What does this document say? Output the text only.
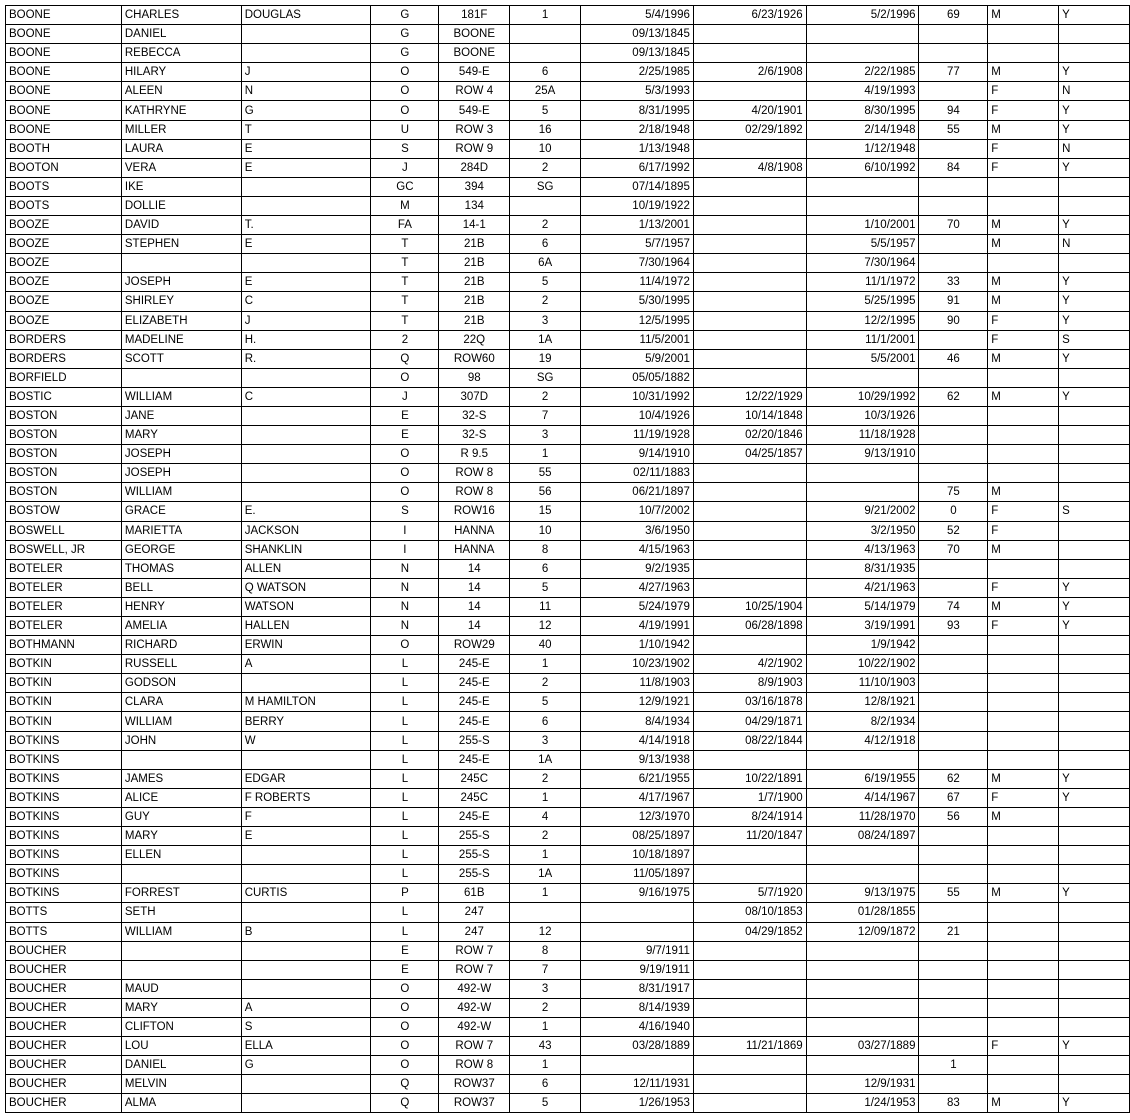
BOONE	CHARLES	DOUGLAS	G	181F	1	5/4/1996	6/23/1926	5/2/1996	69	M	Y
BOONE	DANIEL		G	BOONE		09/13/1845					
BOONE	REBECCA		G	BOONE		09/13/1845					
BOONE	HILARY	J	O	549-E	6	2/25/1985	2/6/1908	2/22/1985	77	M	Y
BOONE	ALEEN	N	O	ROW 4	25A	5/3/1993		4/19/1993		F	N
BOONE	KATHRYNE	G	O	549-E	5	8/31/1995	4/20/1901	8/30/1995	94	F	Y
BOONE	MILLER	T	U	ROW 3	16	2/18/1948	02/29/1892	2/14/1948	55	M	Y
BOOTH	LAURA	E	S	ROW 9	10	1/13/1948		1/12/1948		F	N
BOOTON	VERA	E	J	284D	2	6/17/1992	4/8/1908	6/10/1992	84	F	Y
BOOTS	IKE		GC	394	SG	07/14/1895					
BOOTS	DOLLIE		M	134		10/19/1922					
BOOZE	DAVID	T.	FA	14-1	2	1/13/2001		1/10/2001	70	M	Y
BOOZE	STEPHEN	E	T	21B	6	5/7/1957		5/5/1957		M	N
BOOZE			T	21B	6A	7/30/1964		7/30/1964			
BOOZE	JOSEPH	E	T	21B	5	11/4/1972		11/1/1972	33	M	Y
BOOZE	SHIRLEY	C	T	21B	2	5/30/1995		5/25/1995	91	M	Y
BOOZE	ELIZABETH	J	T	21B	3	12/5/1995		12/2/1995	90	F	Y
BORDERS	MADELINE	H.	2	22Q	1A	11/5/2001		11/1/2001		F	S
BORDERS	SCOTT	R.	Q	ROW60	19	5/9/2001		5/5/2001	46	M	Y
BORFIELD			O	98	SG	05/05/1882					
BOSTIC	WILLIAM	C	J	307D	2	10/31/1992	12/22/1929	10/29/1992	62	M	Y
BOSTON	JANE		E	32-S	7	10/4/1926	10/14/1848	10/3/1926			
BOSTON	MARY		E	32-S	3	11/19/1928	02/20/1846	11/18/1928			
BOSTON	JOSEPH		O	R 9.5	1	9/14/1910	04/25/1857	9/13/1910			
BOSTON	JOSEPH		O	ROW 8	55	02/11/1883					
BOSTON	WILLIAM		O	ROW 8	56	06/21/1897			75	M	
BOSTOW	GRACE	E.	S	ROW16	15	10/7/2002		9/21/2002	0	F	S
BOSWELL	MARIETTA	JACKSON	I	HANNA	10	3/6/1950		3/2/1950	52	F	
BOSWELL, JR	GEORGE	SHANKLIN	I	HANNA	8	4/15/1963		4/13/1963	70	M	
BOTELER	THOMAS	ALLEN	N	14	6	9/2/1935		8/31/1935			
BOTELER	BELL	Q WATSON	N	14	5	4/27/1963		4/21/1963		F	Y
BOTELER	HENRY	WATSON	N	14	11	5/24/1979	10/25/1904	5/14/1979	74	M	Y
BOTELER	AMELIA	HALLEN	N	14	12	4/19/1991	06/28/1898	3/19/1991	93	F	Y
BOTHMANN	RICHARD	ERWIN	O	ROW29	40	1/10/1942		1/9/1942			
BOTKIN	RUSSELL	A	L	245-E	1	10/23/1902	4/2/1902	10/22/1902			
BOTKIN	GODSON		L	245-E	2	11/8/1903	8/9/1903	11/10/1903			
BOTKIN	CLARA	M HAMILTON	L	245-E	5	12/9/1921	03/16/1878	12/8/1921			
BOTKIN	WILLIAM	BERRY	L	245-E	6	8/4/1934	04/29/1871	8/2/1934			
BOTKINS	JOHN	W	L	255-S	3	4/14/1918	08/22/1844	4/12/1918			
BOTKINS			L	245-E	1A	9/13/1938					
BOTKINS	JAMES	EDGAR	L	245C	2	6/21/1955	10/22/1891	6/19/1955	62	M	Y
BOTKINS	ALICE	F ROBERTS	L	245C	1	4/17/1967	1/7/1900	4/14/1967	67	F	Y
BOTKINS	GUY	F	L	245-E	4	12/3/1970	8/24/1914	11/28/1970	56	M	
BOTKINS	MARY	E	L	255-S	2	08/25/1897	11/20/1847	08/24/1897			
BOTKINS	ELLEN		L	255-S	1	10/18/1897					
BOTKINS			L	255-S	1A	11/05/1897					
BOTKINS	FORREST	CURTIS	P	61B	1	9/16/1975	5/7/1920	9/13/1975	55	M	Y
BOTTS	SETH		L	247			08/10/1853	01/28/1855			
BOTTS	WILLIAM	B	L	247	12		04/29/1852	12/09/1872	21		
BOUCHER			E	ROW 7	8	9/7/1911					
BOUCHER			E	ROW 7	7	9/19/1911					
BOUCHER	MAUD		O	492-W	3	8/31/1917					
BOUCHER	MARY	A	O	492-W	2	8/14/1939					
BOUCHER	CLIFTON	S	O	492-W	1	4/16/1940					
BOUCHER	LOU	ELLA	O	ROW 7	43	03/28/1889	11/21/1869	03/27/1889		F	Y
BOUCHER	DANIEL	G	O	ROW 8	1				1		
BOUCHER	MELVIN		Q	ROW37	6	12/11/1931		12/9/1931			
BOUCHER	ALMA		Q	ROW37	5	1/26/1953		1/24/1953	83	M	Y
